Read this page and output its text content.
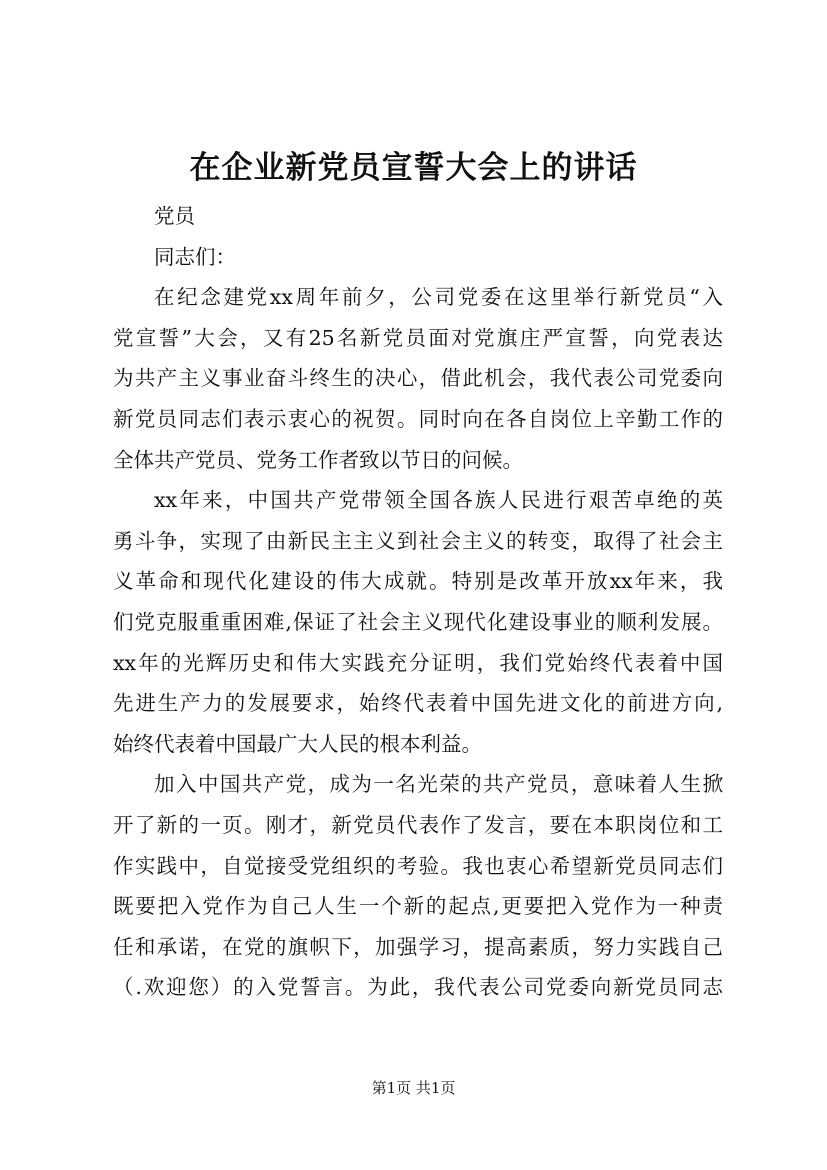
在企业新党员宣誓大会上的讲话
党员
同志们：
在纪念建党xx周年前夕，公司党委在这里举行新党员“入
党宣誓”大会，又有25名新党员面对党旗庄严宣誓，向党表达
为共产主义事业奋斗终生的决心，借此机会，我代表公司党委向
新党员同志们表示衷心的祝贺。同时向在各自岗位上辛勤工作的
全体共产党员、党务工作者致以节日的问候。
xx年来，中国共产党带领全国各族人民进行艰苦卓绝的英
勇斗争，实现了由新民主主义到社会主义的转变，取得了社会主
义革命和现代化建设的伟大成就。特别是改革开放xx年来，我
们党克服重重困难,保证了社会主义现代化建设事业的顺利发展。
xx年的光辉历史和伟大实践充分证明，我们党始终代表着中国
先进生产力的发展要求，始终代表着中国先进文化的前进方向,
始终代表着中国最广大人民的根本利益。
加入中国共产党，成为一名光荣的共产党员，意味着人生掀
开了新的一页。刚才，新党员代表作了发言，要在本职岗位和工
作实践中，自觉接受党组织的考验。我也衷心希望新党员同志们
既要把入党作为自己人生一个新的起点,更要把入党作为一种责
任和承诺，在党的旗帜下，加强学习，提高素质，努力实践自己
（.欢迎您）的入党誓言。为此，我代表公司党委向新党员同志
第1页 共1页
